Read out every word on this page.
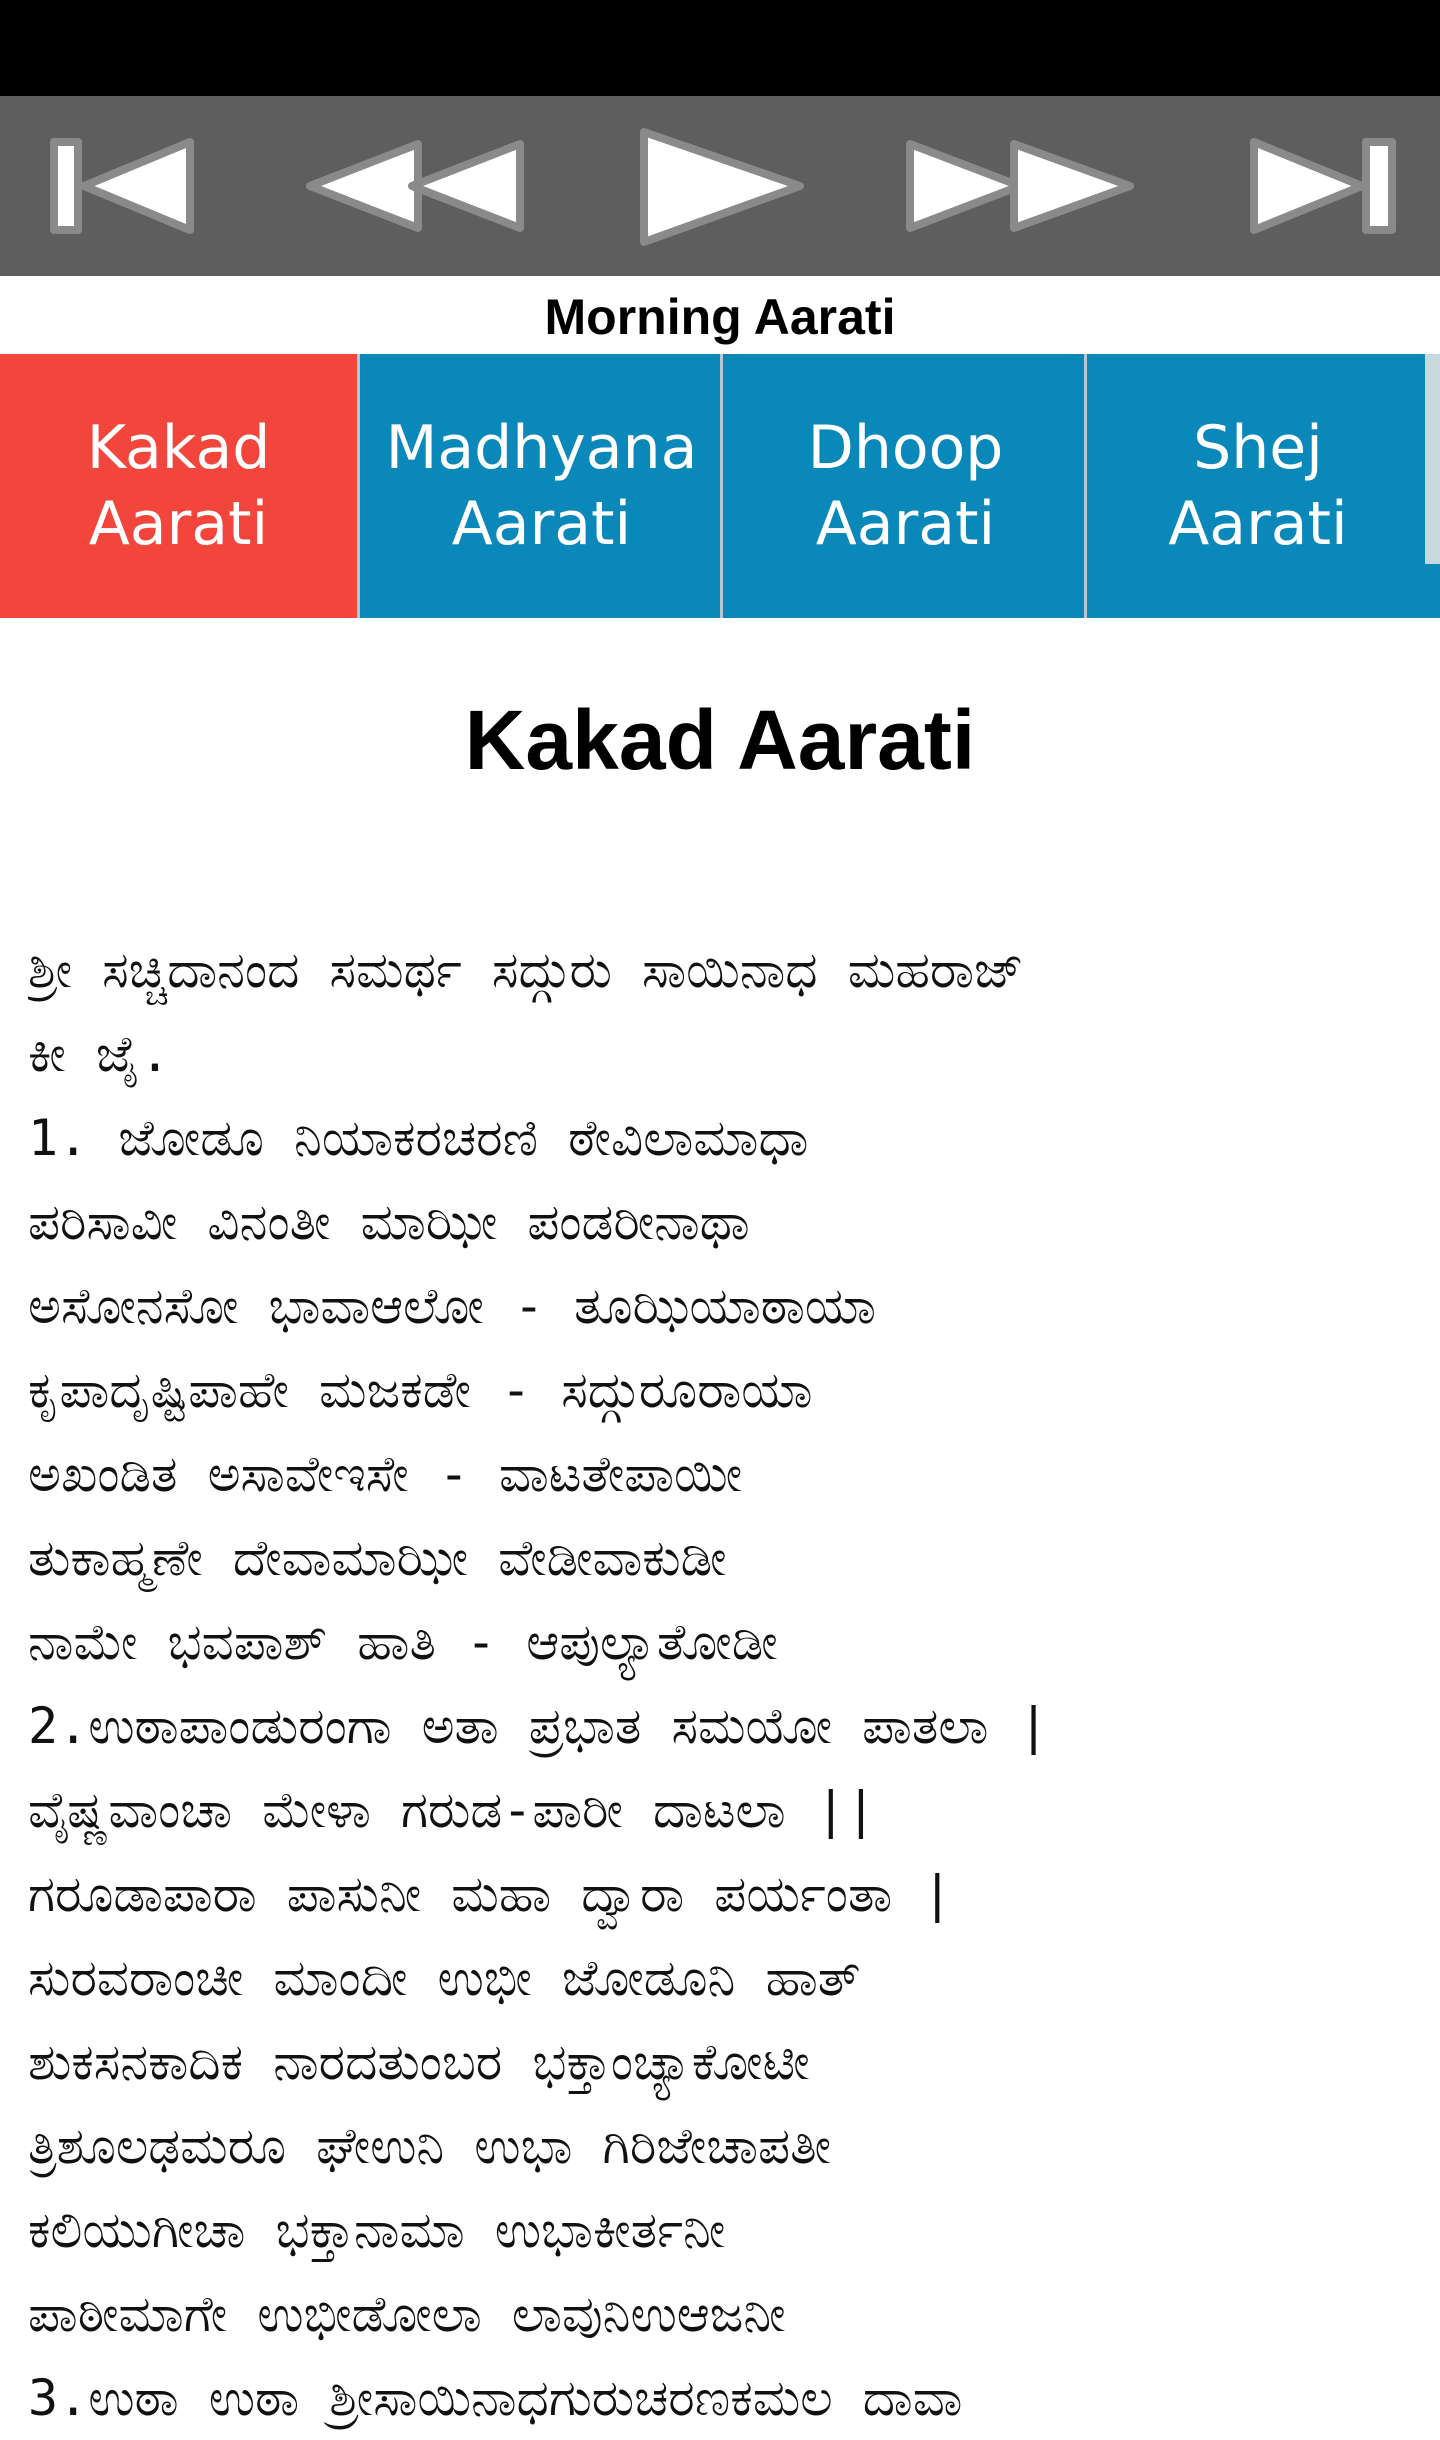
Morning Aarati
Kakad
Aarati
Madhyana
Aarati
Dhoop
Aarati
Shej
Aarati
Kakad Aarati
ಶ್ರೀ ಸಚ್ಚಿದಾನಂದ ಸಮರ್ಥ ಸದ್ಗುರು ಸಾಯಿನಾಧ ಮಹರಾಜ್
ಕೀ ಜೈ.
1. ಜೋಡೂ ನಿಯಾಕರಚರಣಿ ಠೇವಿಲಾಮಾಧಾ
ಪರಿಸಾವೀ ವಿನಂತೀ ಮಾಝೀ ಪಂಡರೀನಾಥಾ
ಅಸೋನಸೋ ಭಾವಾಆಲೋ - ತೂಝಿಯಾಠಾಯಾ
ಕೃಪಾದೃಷ್ಟಿಪಾಹೇ ಮಜಕಡೇ - ಸದ್ಗುರೂರಾಯಾ
ಅಖಂಡಿತ ಅಸಾವೇಇಸೇ - ವಾಟತೇಪಾಯೀ
ತುಕಾಹ್ಮಣೇ ದೇವಾಮಾಝೀ ವೇಡೀವಾಕುಡೀ
ನಾಮೇ ಭವಪಾಶ್ ಹಾತಿ - ಆಪುಲ್ಯಾತೋಡೀ
2.ಉಠಾಪಾಂಡುರಂಗಾ ಅತಾ ಪ್ರಭಾತ ಸಮಯೋ ಪಾತಲಾ |
ವೈಷ್ಣವಾಂಚಾ ಮೇಳಾ ಗರುಡ-ಪಾರೀ ದಾಟಲಾ ||
ಗರೂಡಾಪಾರಾ ಪಾಸುನೀ ಮಹಾ ದ್ವಾರಾ ಪರ್ಯಂತಾ |
ಸುರವರಾಂಚೀ ಮಾಂದೀ ಉಭೀ ಜೋಡೂನಿ ಹಾತ್
ಶುಕಸನಕಾದಿಕ ನಾರದತುಂಬರ ಭಕ್ತಾಂಚ್ಯಾಕೋಟೀ
ತ್ರಿಶೂಲಢಮರೂ ಘೇಉನಿ ಉಭಾ ಗಿರಿಜೇಚಾಪತೀ
ಕಲಿಯುಗೀಚಾ ಭಕ್ತಾನಾಮಾ ಉಭಾಕೀರ್ತನೀ
ಪಾಠೀಮಾಗೇ ಉಭೀಡೋಲಾ ಲಾವುನಿಉಆಜನೀ
3.ಉಠಾ ಉಠಾ ಶ್ರೀಸಾಯಿನಾಧಗುರುಚರಣಕಮಲ ದಾವಾ
